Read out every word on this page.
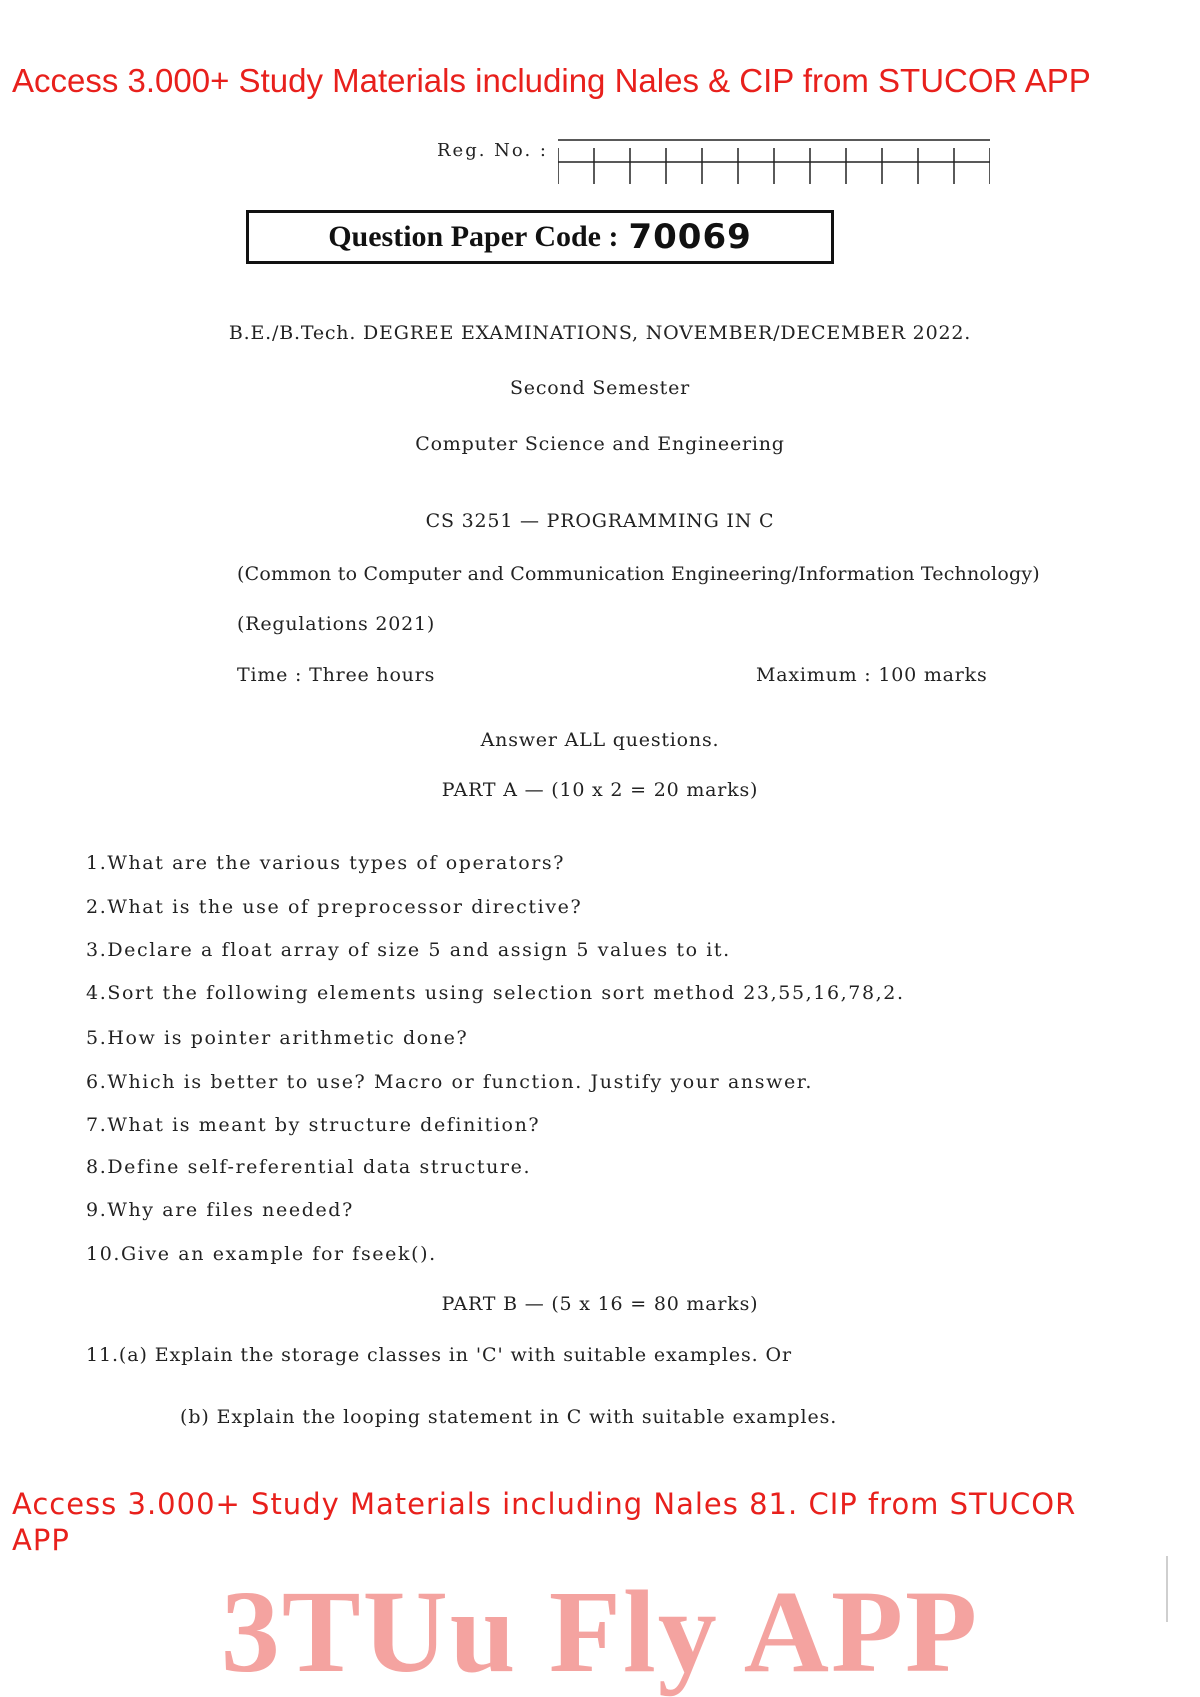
Access 3.000+ Study Materials including Nales & CIP from STUCOR APP
Reg. No. :
Question Paper Code : 70069
B.E./B.Tech. DEGREE EXAMINATIONS, NOVEMBER/DECEMBER 2022.
Second Semester
Computer Science and Engineering
CS 3251 — PROGRAMMING IN C
(Common to Computer and Communication Engineering/Information Technology)
(Regulations 2021)
Time : Three hours	Maximum : 100 marks
Answer ALL questions.
PART A — (10 x 2 = 20 marks)
1.What are the various types of operators?
2.What is the use of preprocessor directive?
3.Declare a float array of size 5 and assign 5 values to it.
4.Sort the following elements using selection sort method 23,55,16,78,2.
5.How is pointer arithmetic done?
6.Which is better to use? Macro or function. Justify your answer.
7.What is meant by structure definition?
8.Define self-referential data structure.
9.Why are files needed?
10.Give an example for fseek().
PART B — (5 x 16 = 80 marks)
11.(a) Explain the storage classes in 'C' with suitable examples. Or
(b) Explain the looping statement in C with suitable examples.
Access 3.000+ Study Materials including Nales 81. CIP from STUCOR APP
3TUu Fly APP
